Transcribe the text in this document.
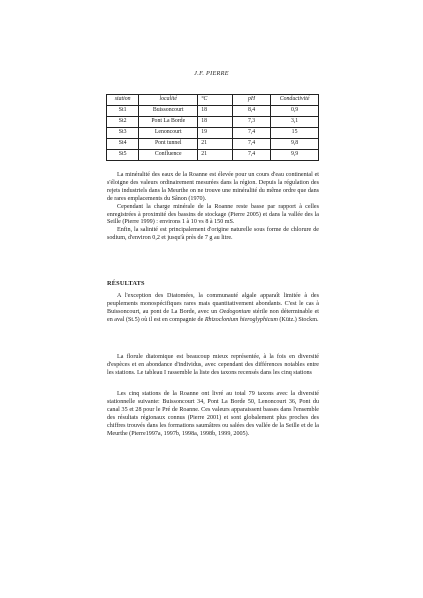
J.F. PIERRE
station	localité	°C	pH	Conductivité
St1	Buissoncourt	18	8,4	0,9
St2	Pont La Borde	18	7,3	3,1
St3	Lenoncourt	19	7,4	15
St4	Pont tunnel	21	7,4	9,8
St5	Confluence	21	7,4	9,9

La minéralité des eaux de la Roanne est élevée pour un cours d'eau continental et s'éloigne des valeurs ordinairement mesurées dans la région. Depuis la régulation des rejets industriels dans la Meurthe on ne trouve une minéralité du même ordre que dans de rares emplacements du Sânon (1970).

Cependant la charge minérale de la Roanne reste basse par rapport à celles enregistrées à proximité des bassins de stockage (Pierre 2005) et dans la vallée des la Seille (Pierre 1999) : environs 1 à 10 vs 8 à 150 mS.

Enfin, la salinité est principalement d'origine naturelle sous forme de chlorure de sodium, d'environ 0,2 et jusqu'à près de 7 g au litre.

RÉSULTATS

A l'exception des Diatomées, la communauté algale apparaît limitée à des peuplements monospécifiques rares mais quantitativement abondants. C'est le cas à Buissoncourt, au pont de La Borde, avec un Oedogonium stérile non déterminable et en aval (St.5) où il est en compagnie de Rhizoclonium hieroglyphicum (Kütz.) Stockm.

La florule diatomique est beaucoup mieux représentée, à la fois en diversité d'espèces et en abondance d'individus, avec cependant des différences notables entre les stations. Le tableau I rassemble la liste des taxons recensés dans les cinq stations

Les cinq stations de la Roanne ont livré au total 79 taxons avec la diversité stationnelle suivante: Buissoncourt 34, Pont La Borde 50, Lenoncourt 36, Pont du canal 35 et 28 pour le Pré de Roanne. Ces valeurs apparaissent basses dans l'ensemble des résultats régionaux connus (Pierre 2001) et sont globalement plus proches des chiffres trouvés dans les formations saumâtres ou salées des vallée de la Seille et de la Meurthe (Pierre1997a, 1997b, 1998a, 1998b, 1999, 2005).
